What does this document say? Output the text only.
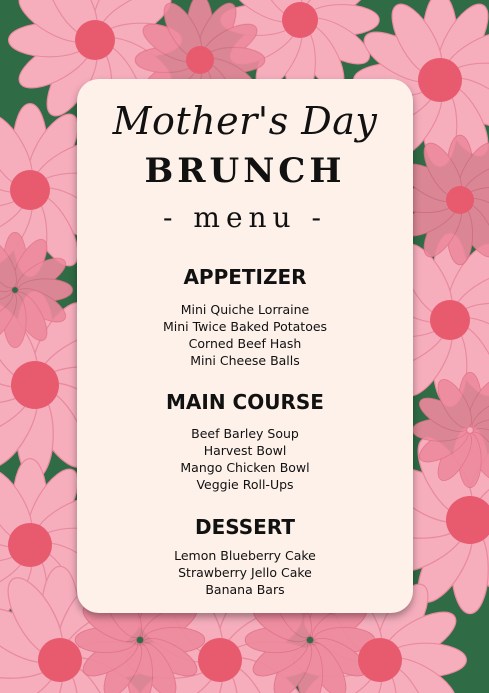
Mother's Day
BRUNCH
- menu -
APPETIZER
Mini Quiche Lorraine
Mini Twice Baked Potatoes
Corned Beef Hash
Mini Cheese Balls
MAIN COURSE
Beef Barley Soup
Harvest Bowl
Mango Chicken Bowl
Veggie Roll-Ups
DESSERT
Lemon Blueberry Cake
Strawberry Jello Cake
Banana Bars
